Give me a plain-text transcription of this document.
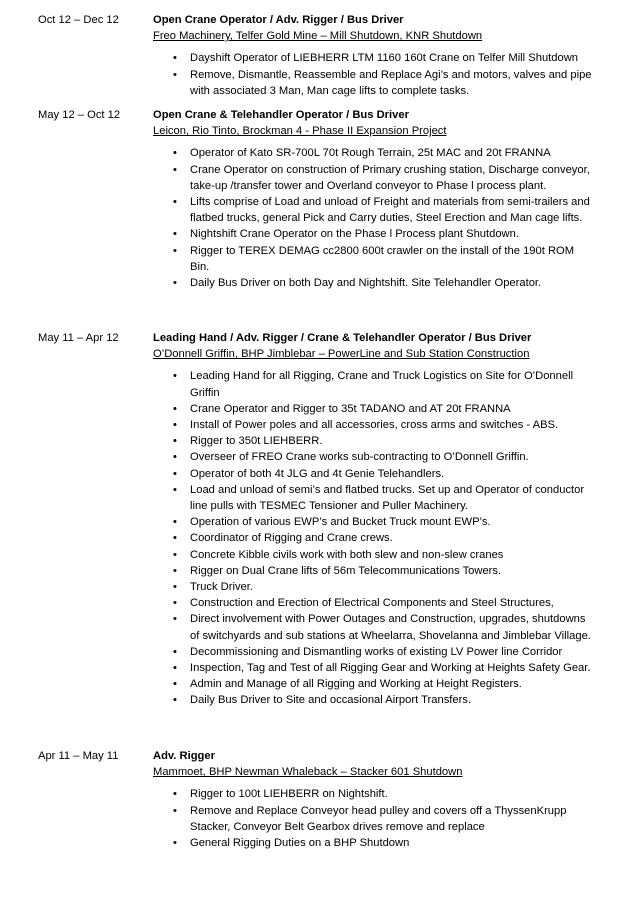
Oct 12 – Dec 12	Open Crane Operator / Adv. Rigger / Bus Driver
Freo Machinery, Telfer Gold Mine – Mill Shutdown, KNR Shutdown
• Dayshift Operator of LIEBHERR LTM 1160 160t Crane on Telfer Mill Shutdown
• Remove, Dismantle, Reassemble and Replace Agi’s and motors, valves and pipe with associated 3 Man, Man cage lifts to complete tasks.
May 12 – Oct 12	Open Crane & Telehandler Operator / Bus Driver
Leicon, Rio Tinto, Brockman 4 - Phase II Expansion Project
• Operator of Kato SR-700L 70t Rough Terrain, 25t MAC and 20t FRANNA
• Crane Operator on construction of Primary crushing station, Discharge conveyor, take-up /transfer tower and Overland conveyor to Phase l process plant.
• Lifts comprise of Load and unload of Freight and materials from semi-trailers and flatbed trucks, general Pick and Carry duties, Steel Erection and Man cage lifts.
• Nightshift Crane Operator on the Phase l Process plant Shutdown.
• Rigger to TEREX DEMAG cc2800 600t crawler on the install of the 190t ROM Bin.
• Daily Bus Driver on both Day and Nightshift. Site Telehandler Operator.
May 11 – Apr 12	Leading Hand / Adv. Rigger / Crane & Telehandler Operator / Bus Driver
O’Donnell Griffin, BHP Jimblebar – PowerLine and Sub Station Construction
• Leading Hand for all Rigging, Crane and Truck Logistics on Site for O’Donnell Griffin
• Crane Operator and Rigger to 35t TADANO and AT 20t FRANNA
• Install of Power poles and all accessories, cross arms and switches - ABS.
• Rigger to 350t LIEHBERR.
• Overseer of FREO Crane works sub-contracting to O’Donnell Griffin.
• Operator of both 4t JLG and 4t Genie Telehandlers.
• Load and unload of semi’s and flatbed trucks. Set up and Operator of conductor line pulls with TESMEC Tensioner and Puller Machinery.
• Operation of various EWP’s and Bucket Truck mount EWP’s.
• Coordinator of Rigging and Crane crews.
• Concrete Kibble civils work with both slew and non-slew cranes
• Rigger on Dual Crane lifts of 56m Telecommunications Towers.
• Truck Driver.
• Construction and Erection of Electrical Components and Steel Structures,
• Direct involvement with Power Outages and Construction, upgrades, shutdowns of switchyards and sub stations at Wheelarra, Shovelanna and Jimblebar Village.
• Decommissioning and Dismantling works of existing LV Power line Corridor
• Inspection, Tag and Test of all Rigging Gear and Working at Heights Safety Gear.
• Admin and Manage of all Rigging and Working at Height Registers.
• Daily Bus Driver to Site and occasional Airport Transfers.
Apr 11 – May 11	Adv. Rigger
Mammoet, BHP Newman Whaleback – Stacker 601 Shutdown
• Rigger to 100t LIEHBERR on Nightshift.
• Remove and Replace Conveyor head pulley and covers off a ThyssenKrupp Stacker, Conveyor Belt Gearbox drives remove and replace
• General Rigging Duties on a BHP Shutdown
